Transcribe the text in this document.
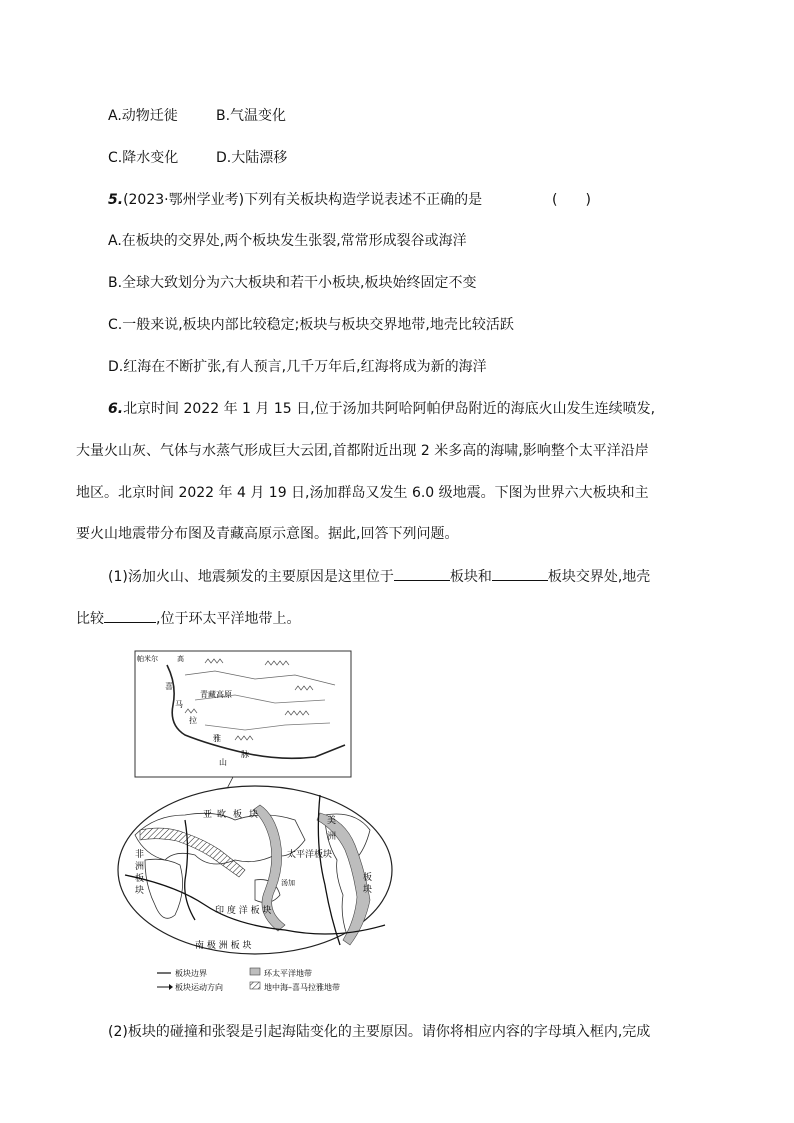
A.动物迁徙	B.气温变化
C.降水变化	D.大陆漂移
5.(2023·鄂州学业考)下列有关板块构造学说表述不正确的是	(　　)
A.在板块的交界处,两个板块发生张裂,常常形成裂谷或海洋
B.全球大致划分为六大板块和若干小板块,板块始终固定不变
C.一般来说,板块内部比较稳定;板块与板块交界地带,地壳比较活跃
D.红海在不断扩张,有人预言,几千万年后,红海将成为新的海洋
6.北京时间 2022 年 1 月 15 日,位于汤加共阿哈阿帕伊岛附近的海底火山发生连续喷发,
大量火山灰、气体与水蒸气形成巨大云团,首都附近出现 2 米多高的海啸,影响整个太平洋沿岸
地区。北京时间 2022 年 4 月 19 日,汤加群岛又发生 6.0 级地震。下图为世界六大板块和主
要火山地震带分布图及青藏高原示意图。据此,回答下列问题。
(1)汤加火山、地震频发的主要原因是这里位于	板块和	板块交界处,地壳
比较	,位于环太平洋地带上。
帕米尔	高
青藏高原
喜
马
拉
雅
脉
山
亚 欧 板 块
非
洲
板
块
太平洋板块
印 度 洋 板 块
南 极 洲 板 块
美
洲
板
块
汤加
板块边界
板块运动方向
环太平洋地带
地中海–喜马拉雅地带
(2)板块的碰撞和张裂是引起海陆变化的主要原因。请你将相应内容的字母填入框内,完成
